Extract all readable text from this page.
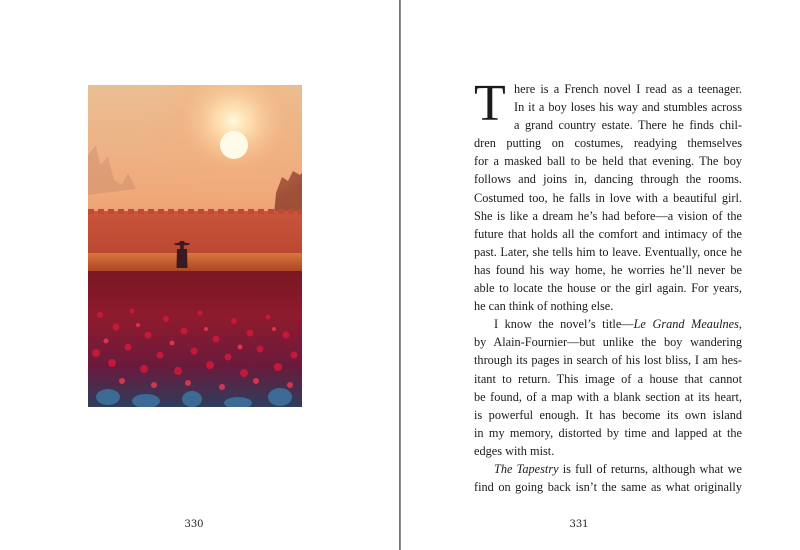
330
T here is a French novel I read as a teenager.
In it a boy loses his way and stumbles across
a grand country estate. There he finds chil-
dren putting on costumes, readying themselves
for a masked ball to be held that evening. The boy
follows and joins in, dancing through the rooms.
Costumed too, he falls in love with a beautiful girl.
She is like a dream he’s had before—a vision of the
future that holds all the comfort and intimacy of the
past. Later, she tells him to leave. Eventually, once he
has found his way home, he worries he’ll never be
able to locate the house or the girl again. For years,
he can think of nothing else.
I know the novel’s title—Le Grand Meaulnes,
by Alain-Fournier—but unlike the boy wandering
through its pages in search of his lost bliss, I am hes-
itant to return. This image of a house that cannot
be found, of a map with a blank section at its heart,
is powerful enough. It has become its own island
in my memory, distorted by time and lapped at the
edges with mist.
The Tapestry is full of returns, although what we
find on going back isn’t the same as what originally
331
